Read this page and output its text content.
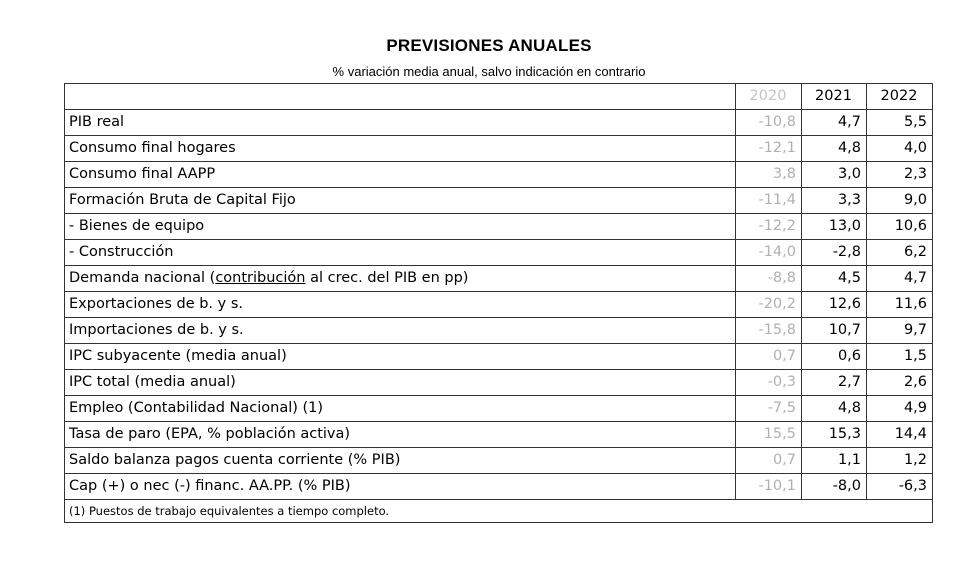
PREVISIONES ANUALES
% variación media anual, salvo indicación en contrario
	2020	2021	2022
PIB real	-10,8	4,7	5,5
Consumo final hogares	-12,1	4,8	4,0
Consumo final AAPP	3,8	3,0	2,3
Formación Bruta de Capital Fijo	-11,4	3,3	9,0
- Bienes de equipo	-12,2	13,0	10,6
- Construcción	-14,0	-2,8	6,2
Demanda nacional (contribución al crec. del PIB en pp)	-8,8	4,5	4,7
Exportaciones de b. y s.	-20,2	12,6	11,6
Importaciones de b. y s.	-15,8	10,7	9,7
IPC subyacente (media anual)	0,7	0,6	1,5
IPC total (media anual)	-0,3	2,7	2,6
Empleo (Contabilidad Nacional) (1)	-7,5	4,8	4,9
Tasa de paro (EPA, % población activa)	15,5	15,3	14,4
Saldo balanza pagos cuenta corriente (% PIB)	0,7	1,1	1,2
Cap (+) o nec (-) financ. AA.PP. (% PIB)	-10,1	-8,0	-6,3
(1) Puestos de trabajo equivalentes a tiempo completo.			
